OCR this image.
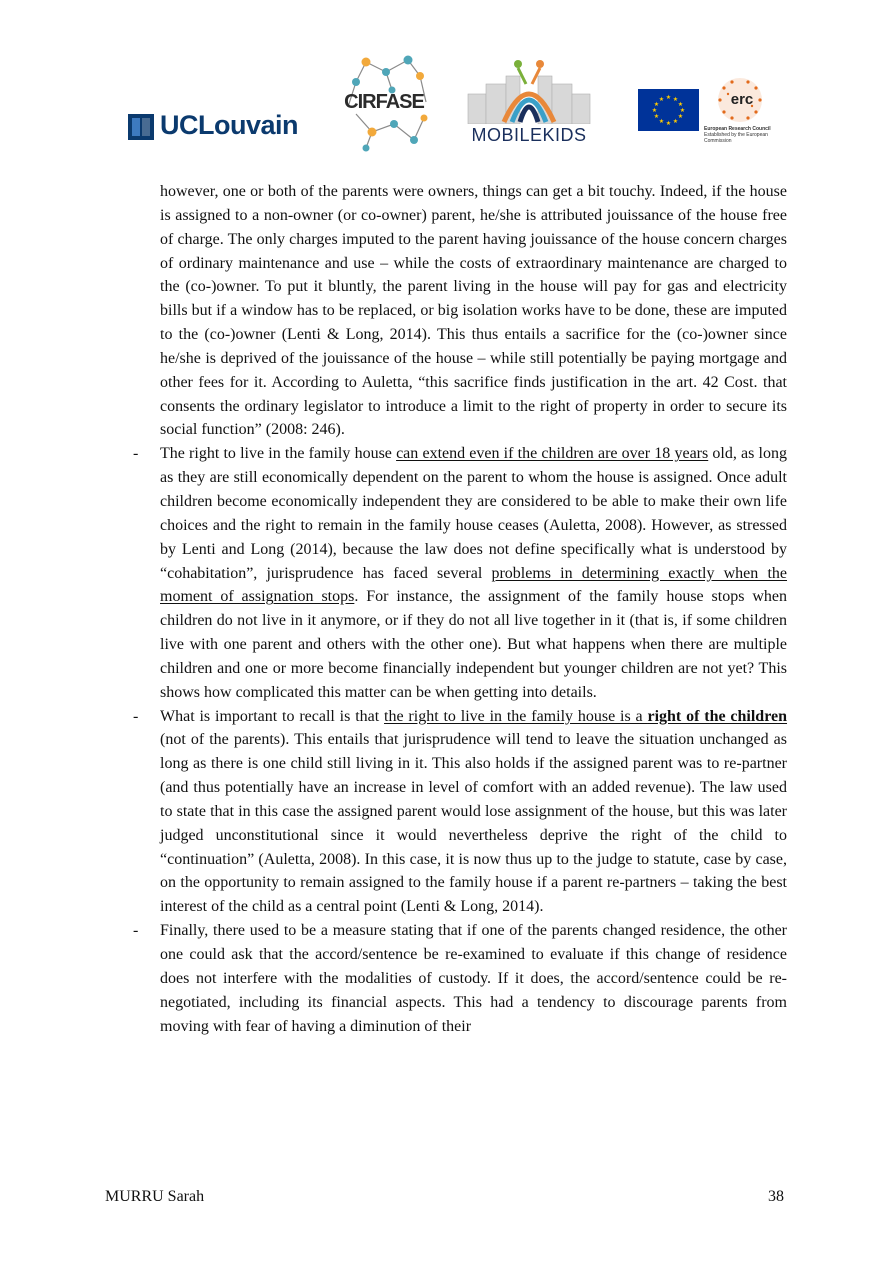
UCLouvain
CIRFASE
MOBILEKIDS
★ ★
★
★
★
★
★
★
★
★
★
★	erc
European Research Council
Established by the European Commission

however, one or both of the parents were owners, things can get a bit touchy. Indeed, if the house is assigned to a non-owner (or co-owner) parent, he/she is attributed jouissance of the house free of charge. The only charges imputed to the parent having jouissance of the house concern charges of ordinary maintenance and use – while the costs of extraordinary maintenance are charged to the (co-)owner. To put it bluntly, the parent living in the house will pay for gas and electricity bills but if a window has to be replaced, or big isolation works have to be done, these are imputed to the (co-)owner (Lenti & Long, 2014). This thus entails a sacrifice for the (co-)owner since he/she is deprived of the jouissance of the house – while still potentially be paying mortgage and other fees for it. According to Auletta, “this sacrifice finds justification in the art. 42 Cost. that consents the ordinary legislator to introduce a limit to the right of property in order to secure its social function” (2008: 246).

- The right to live in the family house can extend even if the children are over 18 years old, as long as they are still economically dependent on the parent to whom the house is assigned. Once adult children become economically independent they are considered to be able to make their own life choices and the right to remain in the family house ceases (Auletta, 2008). However, as stressed by Lenti and Long (2014), because the law does not define specifically what is understood by “cohabitation”, jurisprudence has faced several problems in determining exactly when the moment of assignation stops. For instance, the assignment of the family house stops when children do not live in it anymore, or if they do not all live together in it (that is, if some children live with one parent and others with the other one). But what happens when there are multiple children and one or more become financially independent but younger children are not yet? This shows how complicated this matter can be when getting into details.

- What is important to recall is that the right to live in the family house is a right of the children (not of the parents). This entails that jurisprudence will tend to leave the situation unchanged as long as there is one child still living in it. This also holds if the assigned parent was to re-partner (and thus potentially have an increase in level of comfort with an added revenue). The law used to state that in this case the assigned parent would lose assignment of the house, but this was later judged unconstitutional since it would nevertheless deprive the right of the child to “continuation” (Auletta, 2008). In this case, it is now thus up to the judge to statute, case by case, on the opportunity to remain assigned to the family house if a parent re-partners – taking the best interest of the child as a central point (Lenti & Long, 2014).

- Finally, there used to be a measure stating that if one of the parents changed residence, the other one could ask that the accord/sentence be re-examined to evaluate if this change of residence does not interfere with the modalities of custody. If it does, the accord/sentence could be re-negotiated, including its financial aspects. This had a tendency to discourage parents from moving with fear of having a diminution of their

MURRU Sarah	38
